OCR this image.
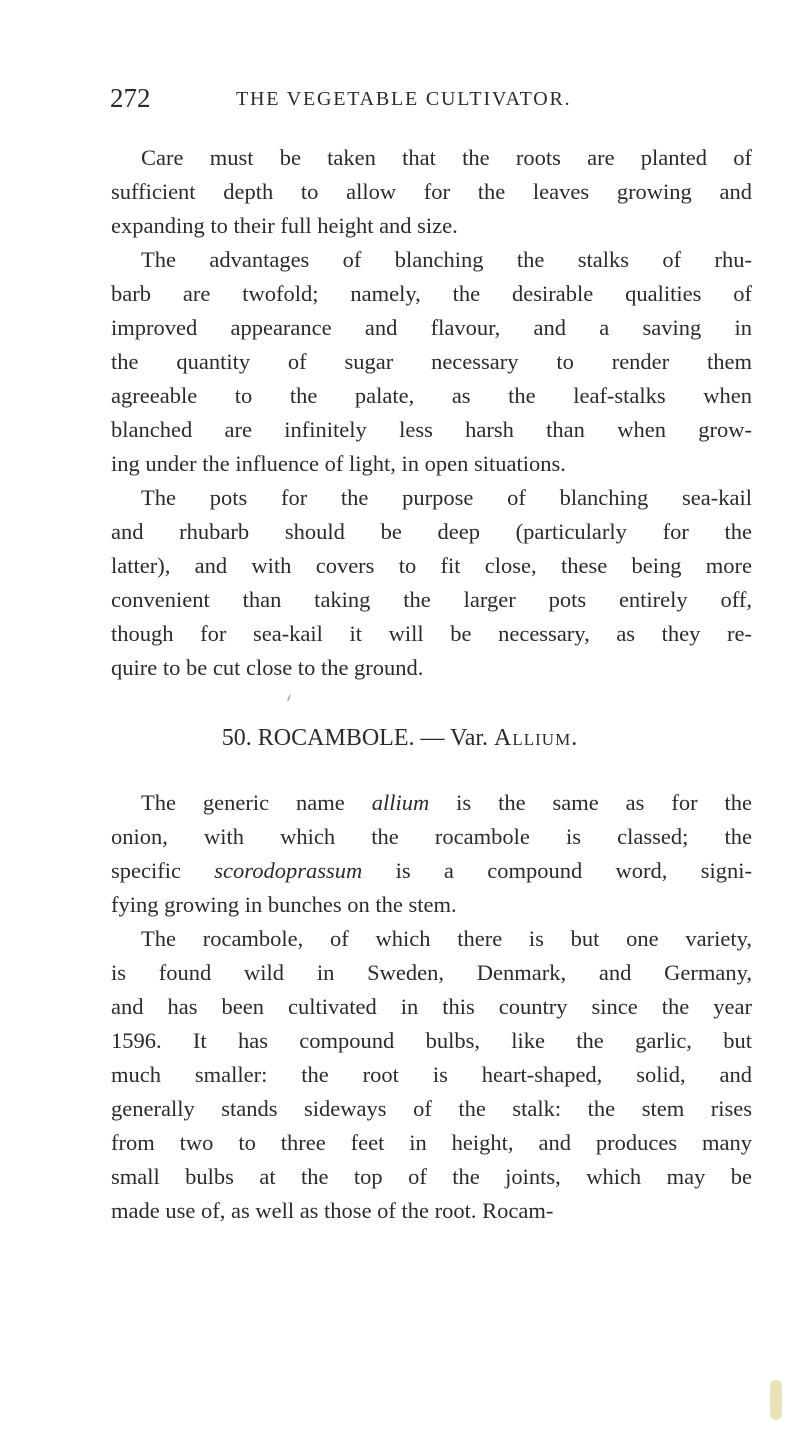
272	THE VEGETABLE CULTIVATOR.
Care must be taken that the roots are planted of
sufficient depth to allow for the leaves growing and
expanding to their full height and size.
The advantages of blanching the stalks of rhu-
barb are twofold; namely, the desirable qualities of
improved appearance and flavour, and a saving in
the quantity of sugar necessary to render them
agreeable to the palate, as the leaf-stalks when
blanched are infinitely less harsh than when grow-
ing under the influence of light, in open situations.
The pots for the purpose of blanching sea-kail
and rhubarb should be deep (particularly for the
latter), and with covers to fit close, these being more
convenient than taking the larger pots entirely off,
though for sea-kail it will be necessary, as they re-
quire to be cut close to the ground.
50. ROCAMBOLE. — Var. Allium.
The generic name allium is the same as for the
onion, with which the rocambole is classed; the
specific scorodoprassum is a compound word, signi-
fying growing in bunches on the stem.
The rocambole, of which there is but one variety,
is found wild in Sweden, Denmark, and Germany,
and has been cultivated in this country since the year
1596. It has compound bulbs, like the garlic, but
much smaller: the root is heart-shaped, solid, and
generally stands sideways of the stalk: the stem rises
from two to three feet in height, and produces many
small bulbs at the top of the joints, which may be
made use of, as well as those of the root. Rocam-
